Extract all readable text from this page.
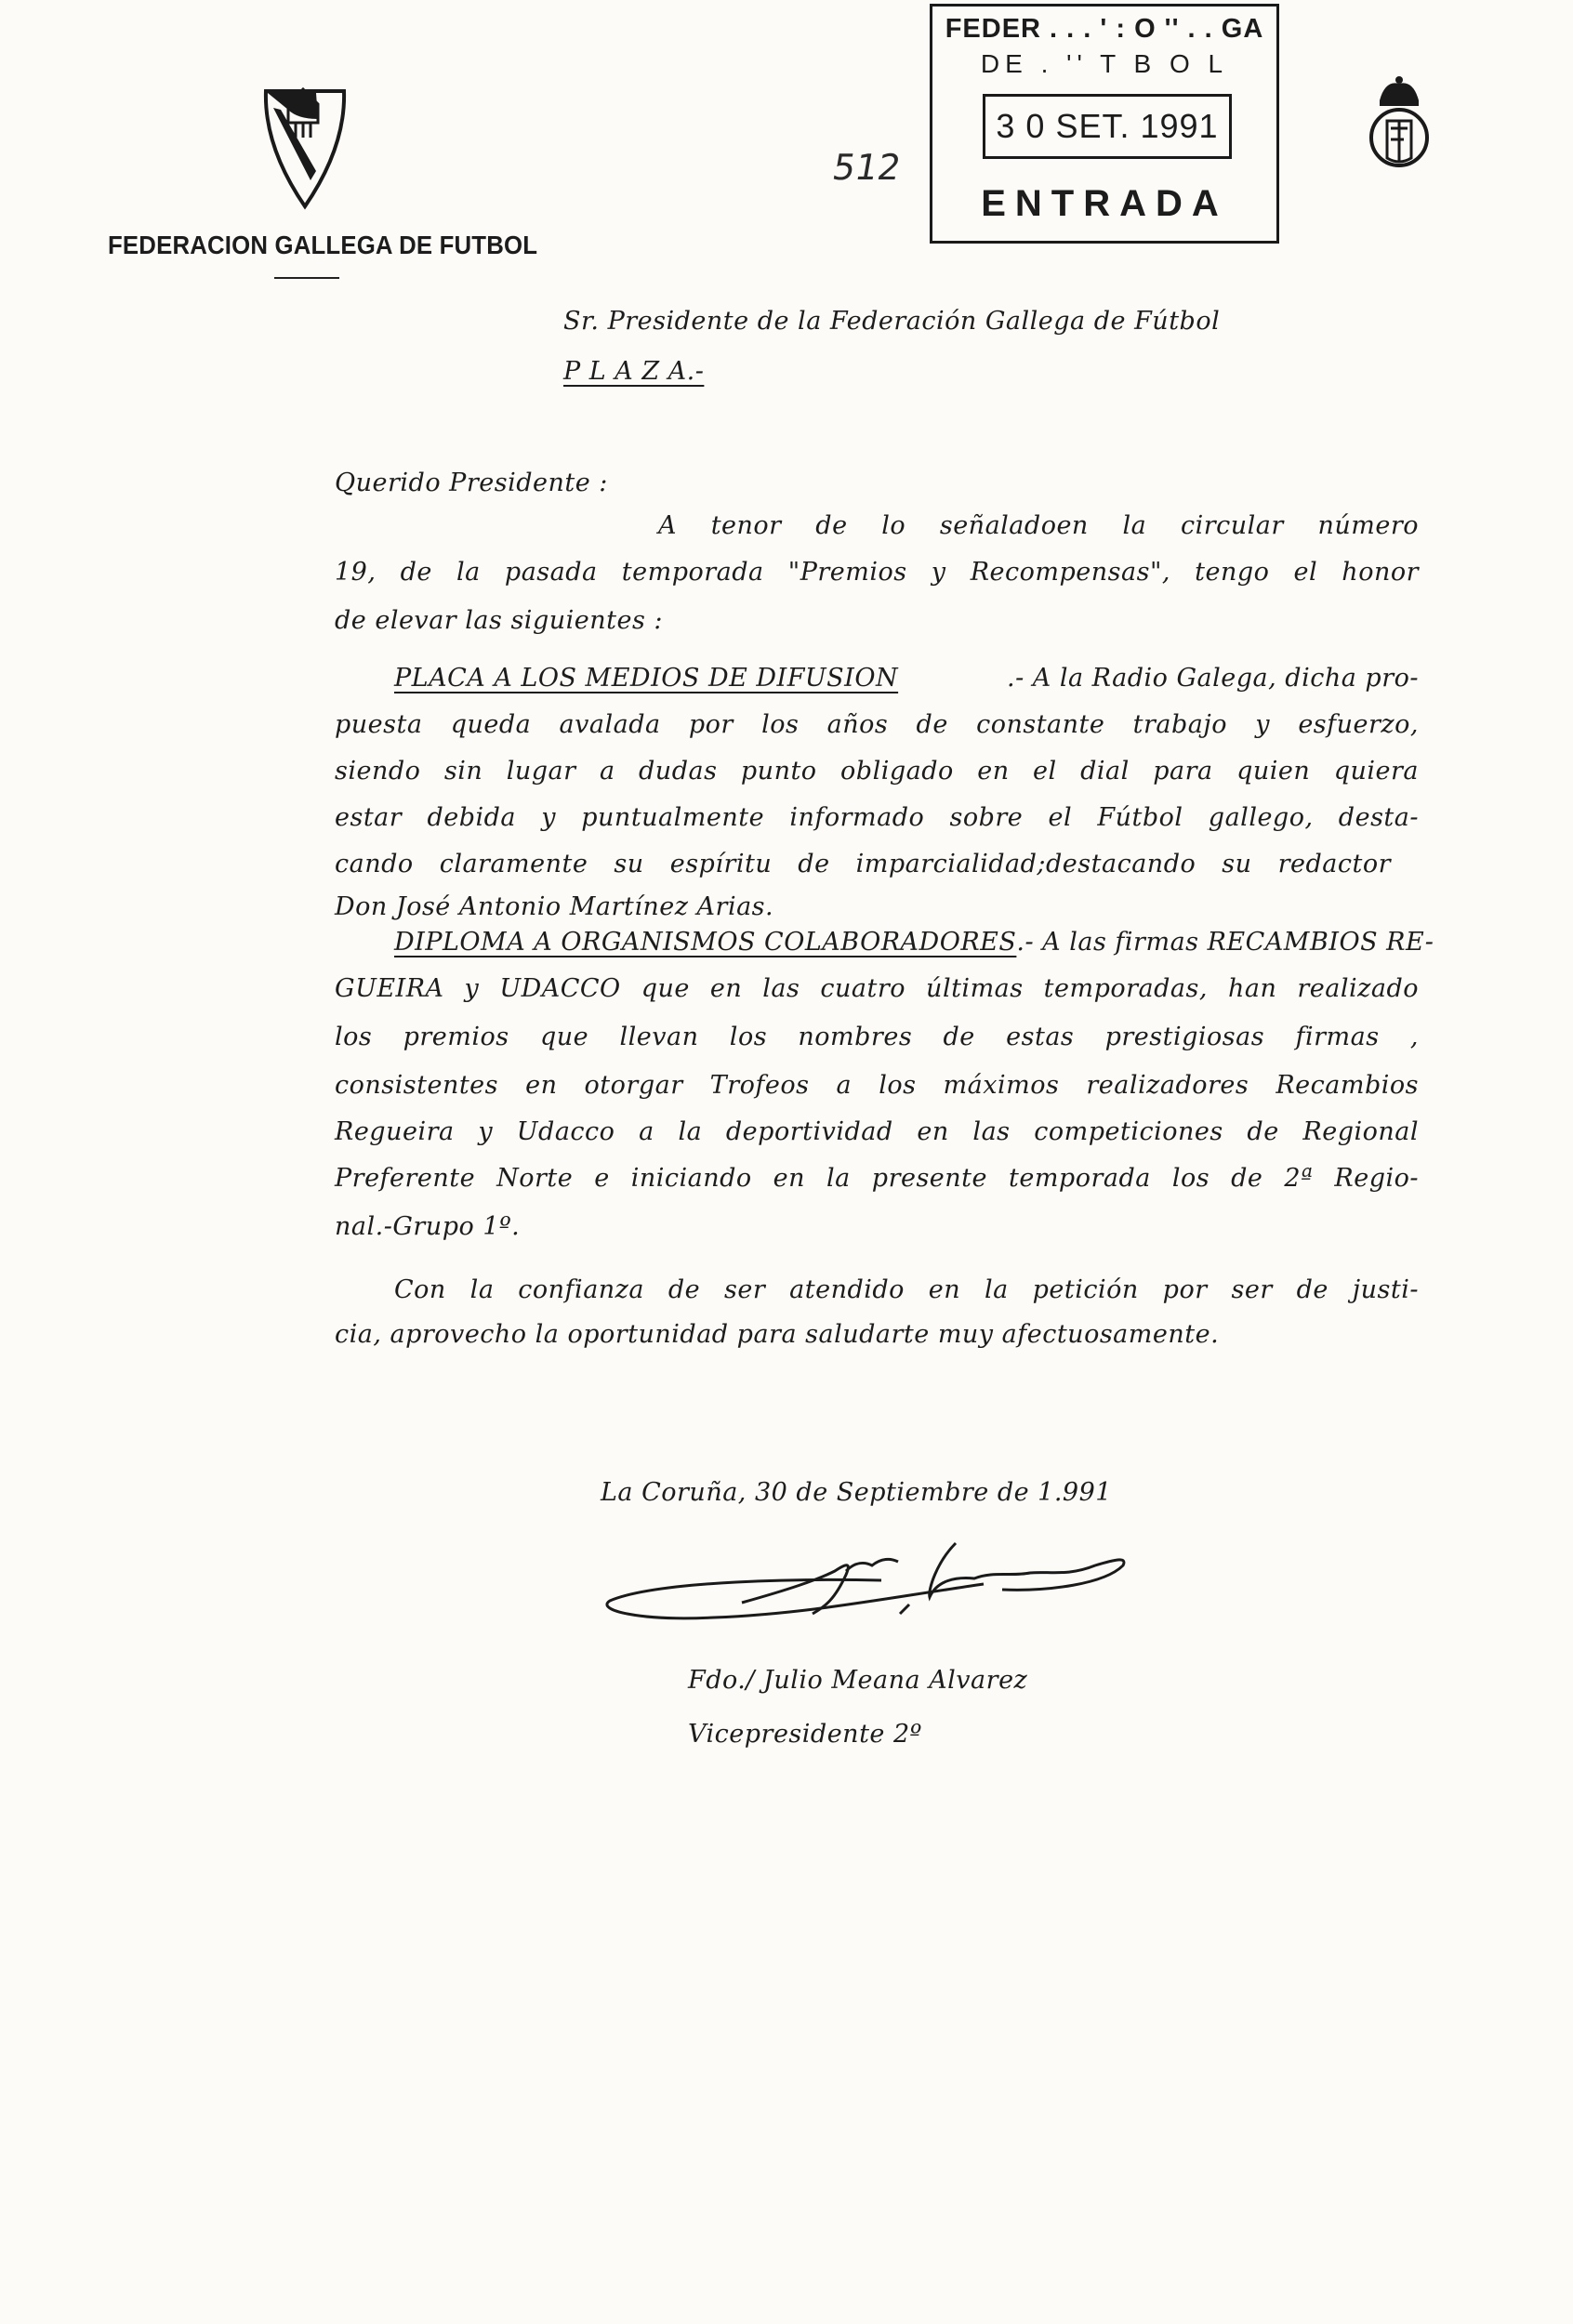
FEDERACION GALLEGA DE FUTBOL
FEDER . . . ' : O '' . . GA
DE . '' T B O L
3 0 SET. 1991
ENTRADA
512
Sr. Presidente de la Federación Gallega de Fútbol
P L A Z A.-
Querido Presidente :
A tenor de lo señaladoen la circular número
19, de la pasada temporada "Premios y Recompensas", tengo el honor
de elevar las siguientes :
PLACA A LOS MEDIOS DE DIFUSION	.- A la Radio Galega, dicha pro-
puesta queda avalada por los años de constante trabajo y esfuerzo,
siendo sin lugar a dudas punto obligado en el dial para quien quiera
estar debida y puntualmente informado sobre el Fútbol gallego, desta-
cando claramente su espíritu de imparcialidad;destacando su redactor
Don José Antonio Martínez Arias.
DIPLOMA A ORGANISMOS COLABORADORES .- A las firmas RECAMBIOS RE-
GUEIRA y UDACCO que en las cuatro últimas temporadas, han realizado
los premios que llevan los nombres de estas prestigiosas firmas ,
consistentes en otorgar Trofeos a los máximos realizadores Recambios
Regueira y Udacco a la deportividad en las competiciones de Regional
Preferente Norte e iniciando en la presente temporada los de 2ª Regio-
nal.-Grupo 1º.
Con la confianza de ser atendido en la petición por ser de justi-
cia, aprovecho la oportunidad para saludarte muy afectuosamente.
La Coruña, 30 de Septiembre de 1.991
Fdo./ Julio Meana Alvarez
Vicepresidente 2º
